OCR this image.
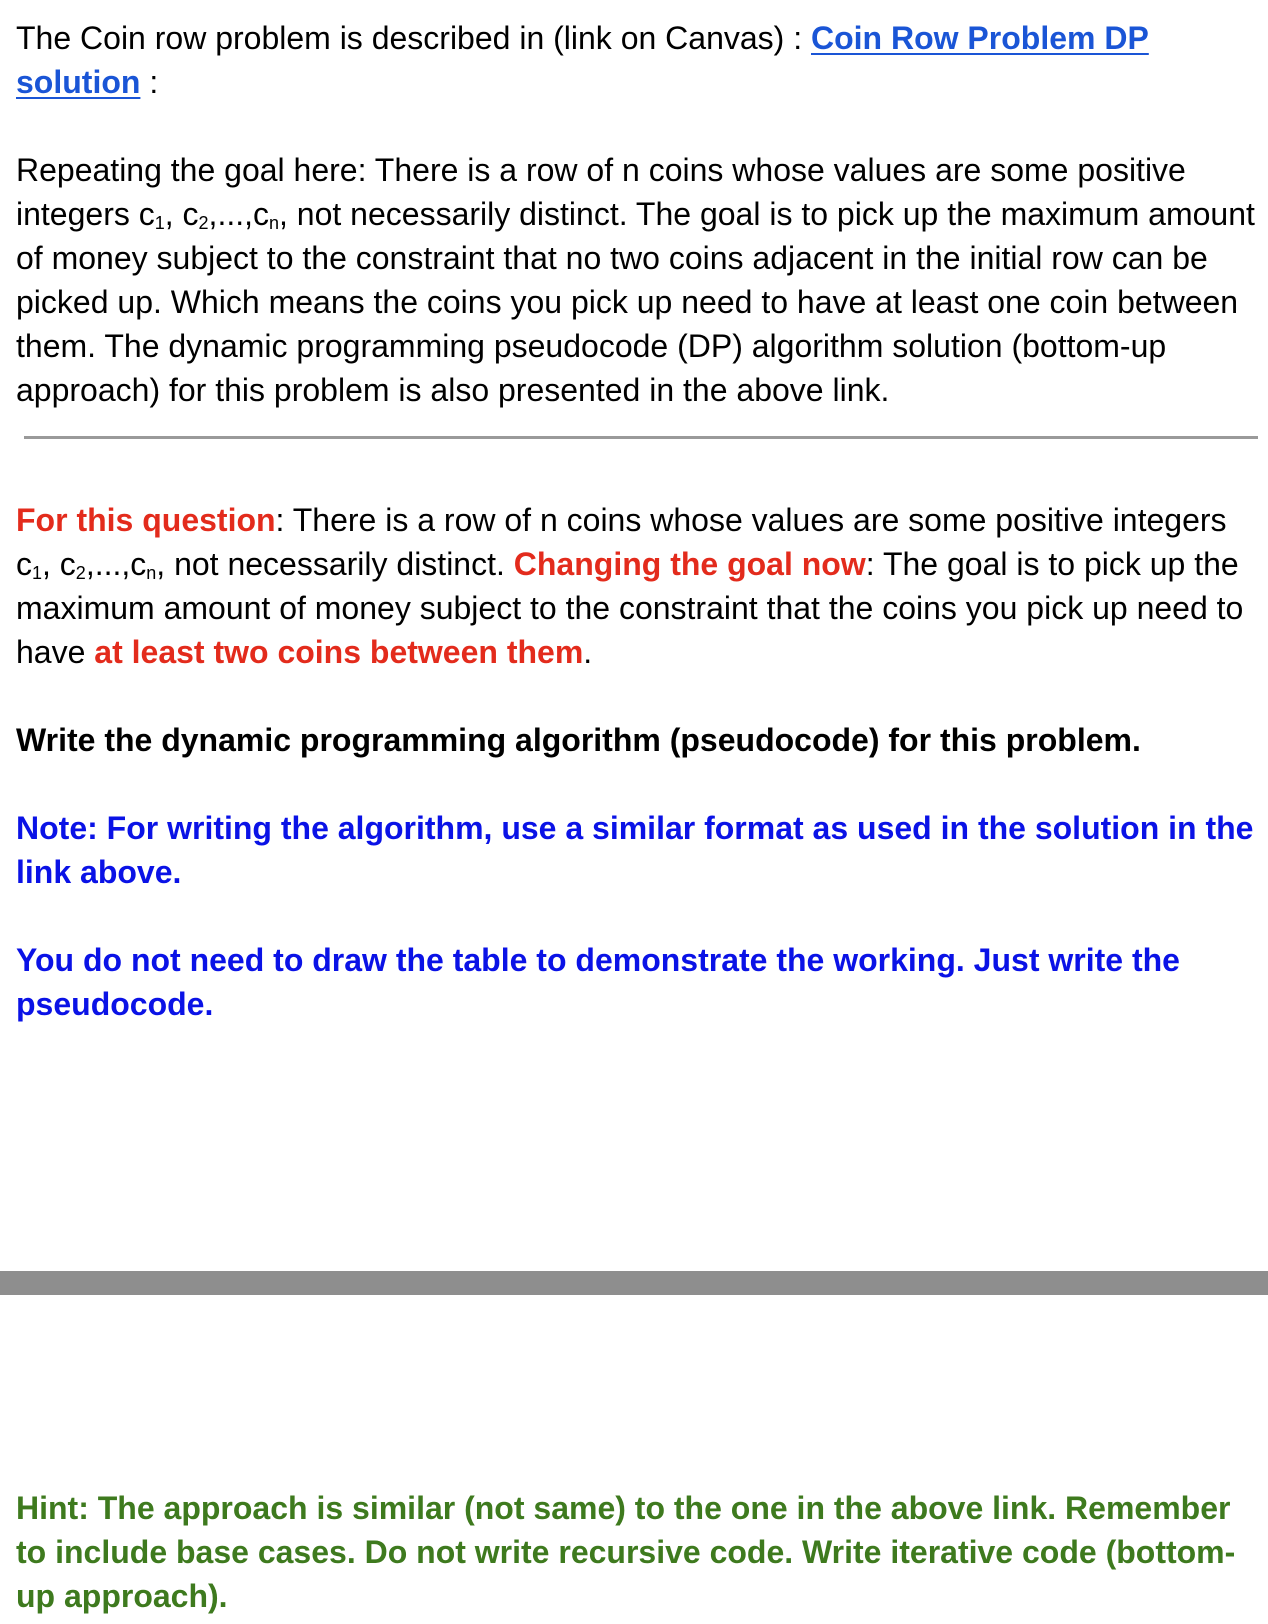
The Coin row problem is described in (link on Canvas) : Coin Row Problem DP solution :

Repeating the goal here: There is a row of n coins whose values are some positive integers $c_1$, $c_2,...,c_n$, not necessarily distinct. The goal is to pick up the maximum amount of money subject to the constraint that no two coins adjacent in the initial row can be picked up. Which means the coins you pick up need to have at least one coin between them. The dynamic programming pseudocode (DP) algorithm solution (bottom-up approach) for this problem is also presented in the above link.

For this question: There is a row of n coins whose values are some positive integers $c_1$, $c_2,...,c_n$, not necessarily distinct. Changing the goal now: The goal is to pick up the maximum amount of money subject to the constraint that the coins you pick up need to have at least two coins between them.

Write the dynamic programming algorithm (pseudocode) for this problem.

Note: For writing the algorithm, use a similar format as used in the solution in the link above.

You do not need to draw the table to demonstrate the working. Just write the pseudocode.

Hint: The approach is similar (not same) to the one in the above link. Remember to include base cases. Do not write recursive code. Write iterative code (bottom-up approach).
